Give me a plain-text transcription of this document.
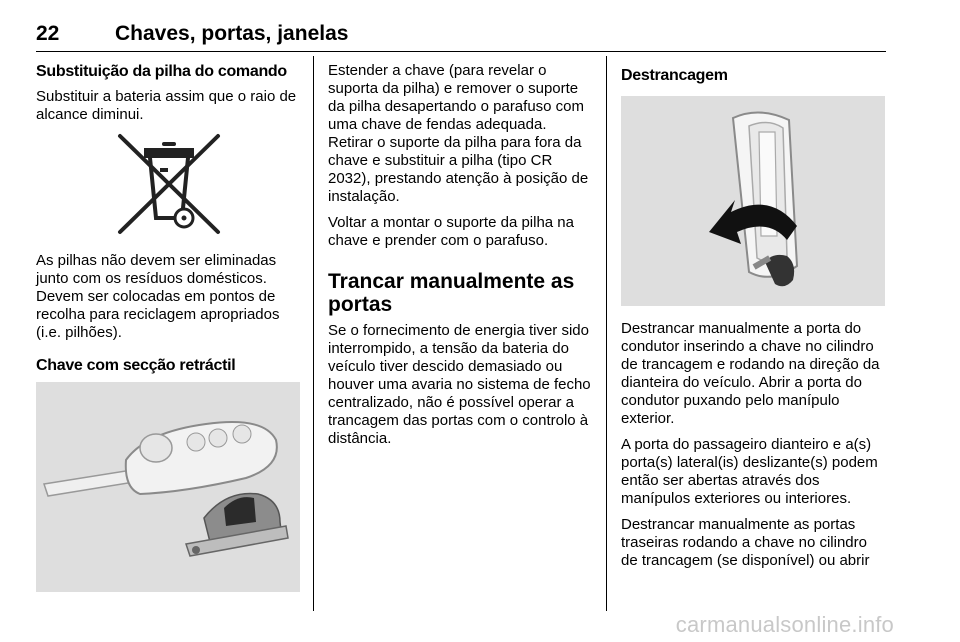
22	Chaves, portas, janelas
Substituição da pilha do comando

Substituir a bateria assim que o raio de alcance diminui.

As pilhas não devem ser eliminadas junto com os resíduos domésticos. Devem ser colocadas em pontos de recolha para reciclagem apropriados (i.e. pilhões).

Chave com secção retráctil

Estender a chave (para revelar o suporta da pilha) e remover o suporte da pilha desapertando o parafuso com uma chave de fendas adequada. Retirar o suporte da pilha para fora da chave e substituir a pilha (tipo CR 2032), prestando atenção à posição de instalação.

Voltar a montar o suporte da pilha na chave e prender com o parafuso.

Trancar manualmente as portas

Se o fornecimento de energia tiver sido interrompido, a tensão da bateria do veículo tiver descido demasiado ou houver uma avaria no sistema de fecho centralizado, não é possível operar a trancagem das portas com o controlo à distância.

Destrancagem

Destrancar manualmente a porta do condutor inserindo a chave no cilindro de trancagem e rodando na direção da dianteira do veículo. Abrir a porta do condutor puxando pelo manípulo exterior.

A porta do passageiro dianteiro e a(s) porta(s) lateral(is) deslizante(s) podem então ser abertas através dos manípulos exteriores ou interiores.

Destrancar manualmente as portas traseiras rodando a chave no cilindro de trancagem (se disponível) ou abrir

carmanualsonline.info
